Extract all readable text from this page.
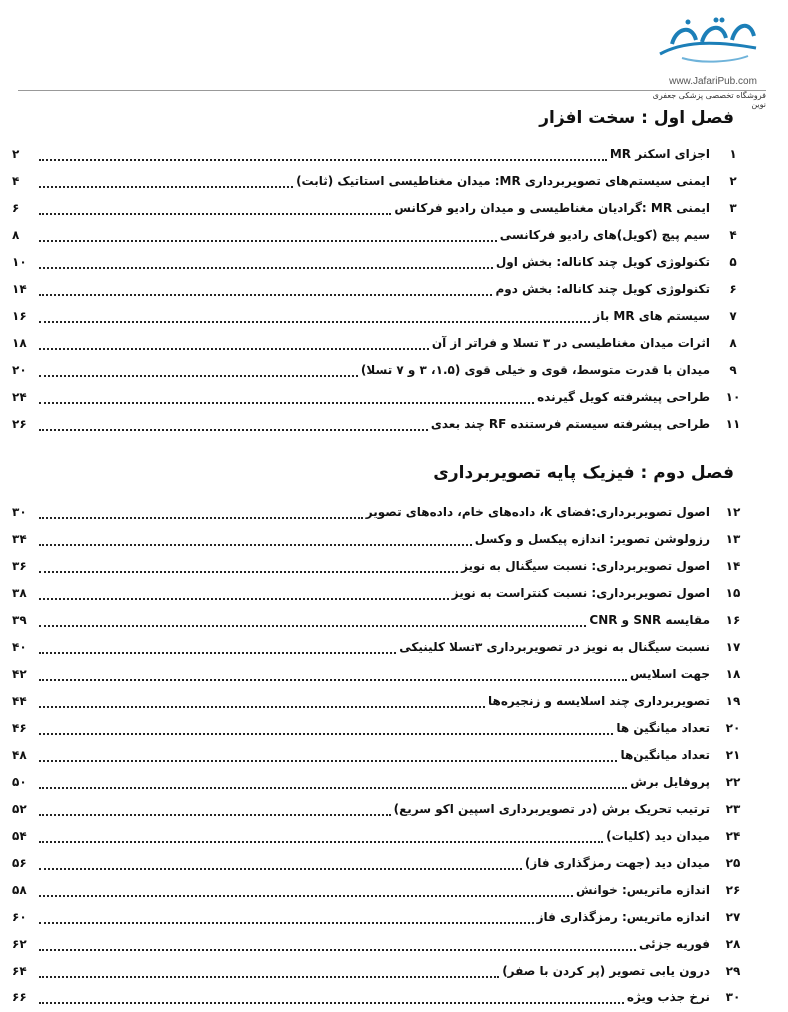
www.JafariPub.com
فروشگاه تخصصی پزشکی جعفری نوین
فصل اول : سخت افزار
۱
اجزای اسکنر MR
۲
۲
ایمنی سیستم‌های تصویربرداری MR: میدان مغناطیسی استاتیک (ثابت)
۴
۳
ایمنی MR :گرادیان مغناطیسی و میدان رادیو فرکانس
۶
۴
سیم پیچ (کویل)های رادیو فرکانسی
۸
۵
تکنولوژی کویل چند کاناله: بخش اول
۱۰
۶
تکنولوژی کویل چند کاناله: بخش دوم
۱۴
۷
سیستم های MR باز
۱۶
۸
اثرات میدان مغناطیسی در ۳ تسلا و فراتر از آن
۱۸
۹
میدان با قدرت متوسط، قوی و خیلی قوی (۱.۵، ۳ و ۷ تسلا)
۲۰
۱۰
طراحی پیشرفته کویل گیرنده
۲۴
۱۱
طراحی پیشرفته سیستم فرستنده RF چند بعدی
۲۶
فصل دوم : فیزیک پایه تصویربرداری
۱۲
اصول تصویربرداری:فضای k، داده‌های خام، داده‌های تصویر
۳۰
۱۳
رزولوشن تصویر: اندازه پیکسل و وکسل
۳۴
۱۴
اصول تصویربرداری: نسبت سیگنال به نویز
۳۶
۱۵
اصول تصویربرداری: نسبت کنتراست به نویز
۳۸
۱۶
مقایسه SNR و CNR
۳۹
۱۷
نسبت سیگنال به نویز در تصویربرداری ۳تسلا کلینیکی
۴۰
۱۸
جهت اسلایس
۴۲
۱۹
تصویربرداری چند اسلایسه و زنجیره‌ها
۴۴
۲۰
تعداد میانگین ها
۴۶
۲۱
تعداد میانگین‌ها
۴۸
۲۲
پروفایل برش
۵۰
۲۳
ترتیب تحریک برش (در تصویربرداری اسپین اکو سریع)
۵۲
۲۴
میدان دید (کلیات)
۵۴
۲۵
میدان دید (جهت رمزگذاری فاز)
۵۶
۲۶
اندازه ماتریس: خوانش
۵۸
۲۷
اندازه ماتریس: رمزگذاری فاز
۶۰
۲۸
فوریه جزئی
۶۲
۲۹
درون یابی تصویر (پر کردن با صفر)
۶۴
۳۰
نرخ جذب ویژه
۶۶
